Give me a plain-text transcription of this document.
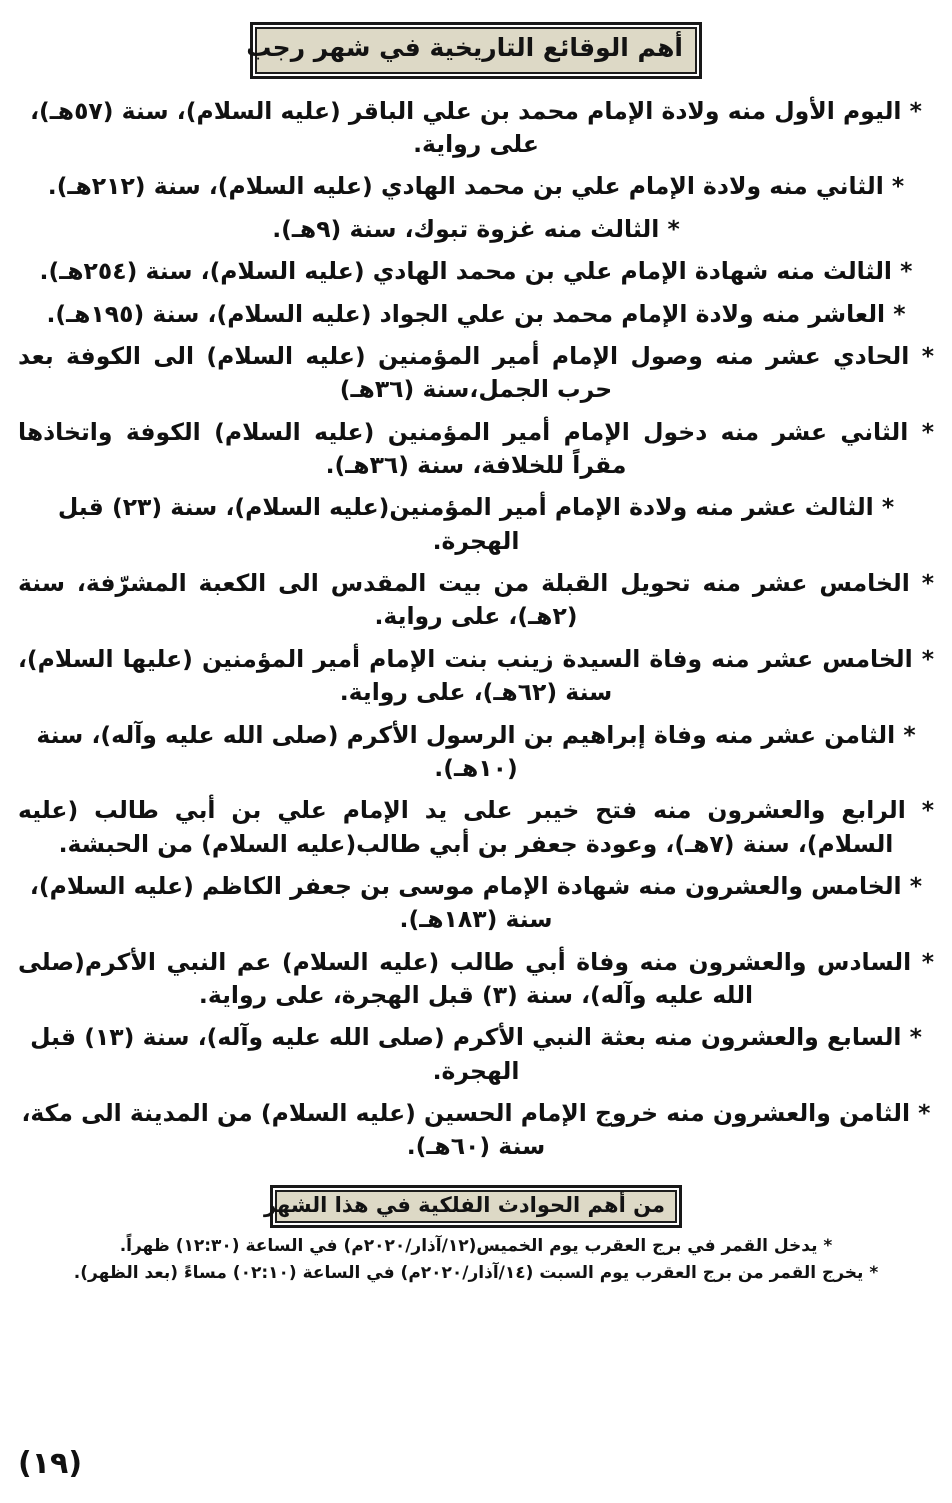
أهم الوقائع التاريخية في شهر رجب
* اليوم الأول منه ولادة الإمام محمد بن علي الباقر (عليه السلام)، سنة (٥٧هـ)، على رواية.
* الثاني منه ولادة الإمام علي بن محمد الهادي (عليه السلام)، سنة (٢١٢هـ).
* الثالث منه غزوة تبوك، سنة (٩هـ).
* الثالث منه شهادة الإمام علي بن محمد الهادي (عليه السلام)، سنة (٢٥٤هـ).
* العاشر منه ولادة الإمام محمد بن علي الجواد (عليه السلام)، سنة (١٩٥هـ).
* الحادي عشر منه وصول الإمام أمير المؤمنين (عليه السلام) الى الكوفة بعد حرب الجمل،سنة (٣٦هـ)
* الثاني عشر منه دخول الإمام أمير المؤمنين (عليه السلام) الكوفة واتخاذها مقراً للخلافة، سنة (٣٦هـ).
* الثالث عشر منه ولادة الإمام أمير المؤمنين(عليه السلام)، سنة (٢٣) قبل الهجرة.
* الخامس عشر منه تحويل القبلة من بيت المقدس الى الكعبة المشرّفة، سنة (٢هـ)، على رواية.
* الخامس عشر منه وفاة السيدة زينب بنت الإمام أمير المؤمنين (عليها السلام)، سنة (٦٢هـ)، على رواية.
* الثامن عشر منه وفاة إبراهيم بن الرسول الأكرم (صلى الله عليه وآله)، سنة (١٠هـ).
* الرابع والعشرون منه فتح خيبر على يد الإمام علي بن أبي طالب (عليه السلام)، سنة (٧هـ)، وعودة جعفر بن أبي طالب(عليه السلام) من الحبشة.
* الخامس والعشرون منه شهادة الإمام موسى بن جعفر الكاظم (عليه السلام)، سنة (١٨٣هـ).
* السادس والعشرون منه وفاة أبي طالب (عليه السلام) عم النبي الأكرم(صلى الله عليه وآله)، سنة (٣) قبل الهجرة، على رواية.
* السابع والعشرون منه بعثة النبي الأكرم (صلى الله عليه وآله)، سنة (١٣) قبل الهجرة.
* الثامن والعشرون منه خروج الإمام الحسين (عليه السلام) من المدينة الى مكة، سنة (٦٠هـ).
من أهم الحوادث الفلكية في هذا الشهر
* يدخل القمر في برج العقرب يوم الخميس(١٢/آذار/٢٠٢٠م) في الساعة (١٢:٣٠) ظهراً.
* يخرج القمر من برج العقرب يوم السبت (١٤/آذار/٢٠٢٠م) في الساعة (٠٢:١٠) مساءً (بعد الظهر).
(١٩)
